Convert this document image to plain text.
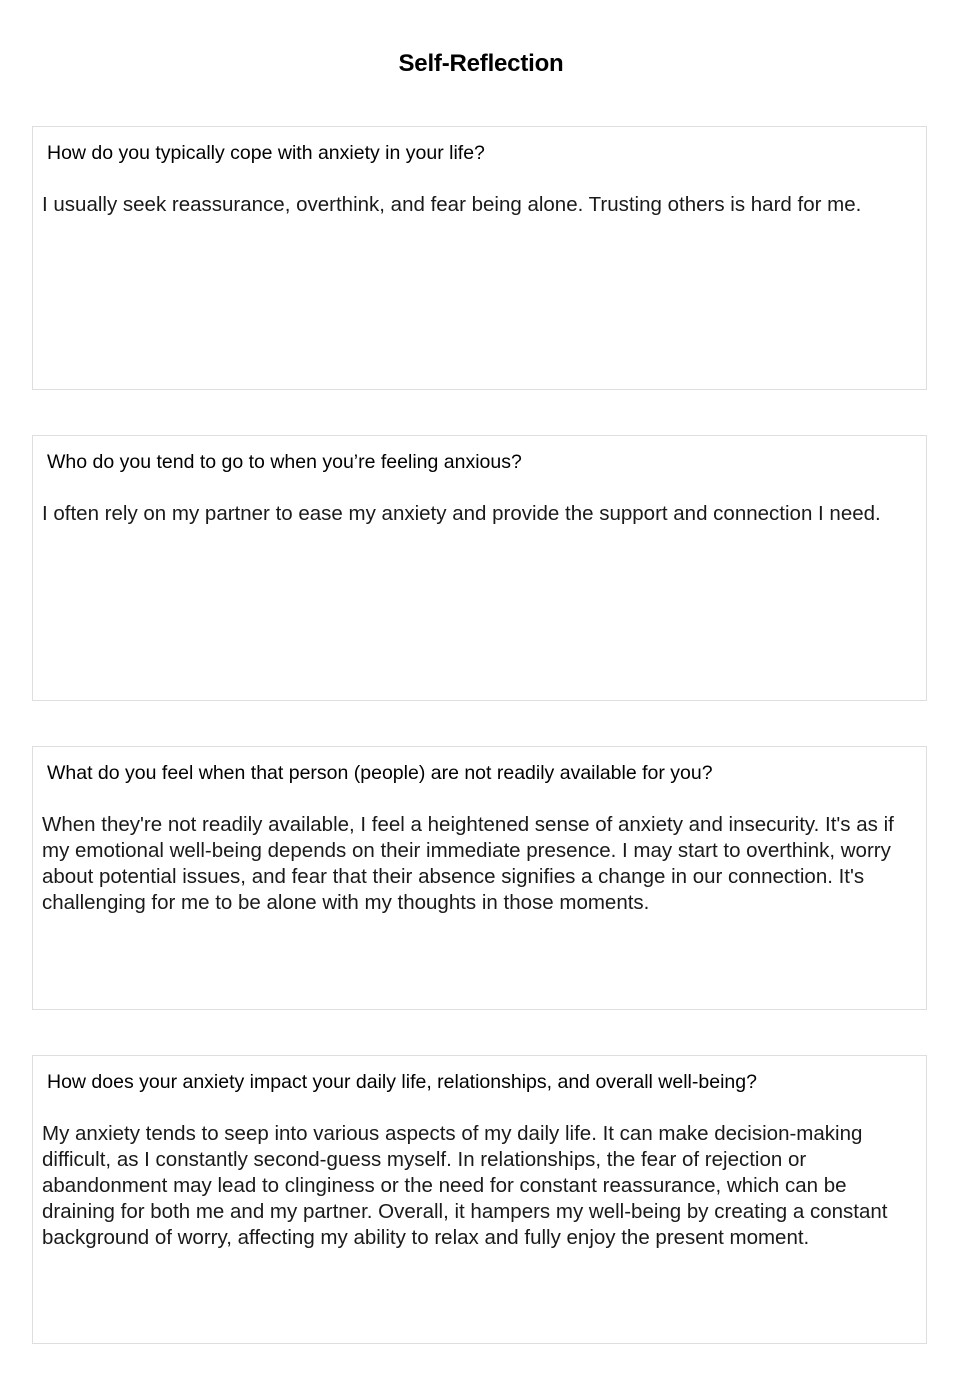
Self-Reflection
How do you typically cope with anxiety in your life?
I usually seek reassurance, overthink, and fear being alone. Trusting others is hard for me.
Who do you tend to go to when you’re feeling anxious?
I often rely on my partner to ease my anxiety and provide the support and connection I need.
What do you feel when that person (people) are not readily available for you?
When they're not readily available, I feel a heightened sense of anxiety and insecurity. It's as if my emotional well-being depends on their immediate presence. I may start to overthink, worry about potential issues, and fear that their absence signifies a change in our connection. It's challenging for me to be alone with my thoughts in those moments.
How does your anxiety impact your daily life, relationships, and overall well-being?
My anxiety tends to seep into various aspects of my daily life. It can make decision-making difficult, as I constantly second-guess myself. In relationships, the fear of rejection or abandonment may lead to clinginess or the need for constant reassurance, which can be draining for both me and my partner. Overall, it hampers my well-being by creating a constant background of worry, affecting my ability to relax and fully enjoy the present moment.
